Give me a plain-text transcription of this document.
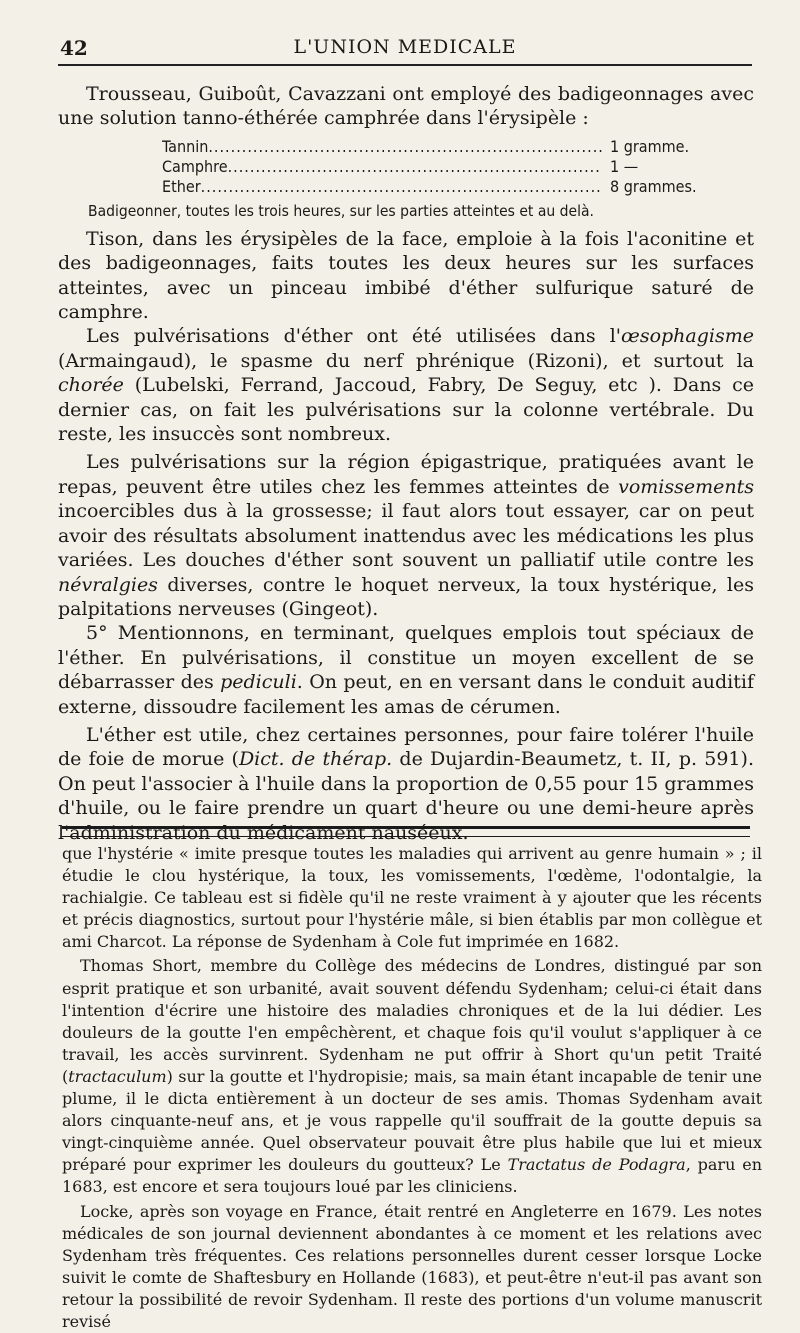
42	L'UNION MEDICALE

Trousseau, Guiboût, Cavazzani ont employé des badigeonnages avec une solution tanno-éthérée camphrée dans l'érysipèle :

Tannin .....	1 gramme.
Camphre .....	1 —
Ether .....	8 grammes.
Badigeonner, toutes les trois heures, sur les parties atteintes et au delà.

Tison, dans les érysipèles de la face, emploie à la fois l'aconitine et des badigeonnages, faits toutes les deux heures sur les surfaces atteintes, avec un pinceau imbibé d'éther sulfurique saturé de camphre.

Les pulvérisations d'éther ont été utilisées dans l'œsophagisme (Armaingaud), le spasme du nerf phrénique (Rizoni), et surtout la chorée (Lubelski, Ferrand, Jaccoud, Fabry, De Seguy, etc ). Dans ce dernier cas, on fait les pulvérisations sur la colonne vertébrale. Du reste, les insuccès sont nombreux.

Les pulvérisations sur la région épigastrique, pratiquées avant le repas, peuvent être utiles chez les femmes atteintes de vomissements incoercibles dus à la grossesse; il faut alors tout essayer, car on peut avoir des résultats absolument inattendus avec les médications les plus variées. Les douches d'éther sont souvent un palliatif utile contre les névralgies diverses, contre le hoquet nerveux, la toux hystérique, les palpitations nerveuses (Gingeot).

5° Mentionnons, en terminant, quelques emplois tout spéciaux de l'éther. En pulvérisations, il constitue un moyen excellent de se débarrasser des pediculi. On peut, en en versant dans le conduit auditif externe, dissoudre facilement les amas de cérumen.

L'éther est utile, chez certaines personnes, pour faire tolérer l'huile de foie de morue (Dict. de thérap. de Dujardin-Beaumetz, t. II, p. 591). On peut l'associer à l'huile dans la proportion de 0,55 pour 15 grammes d'huile, ou le faire prendre un quart d'heure ou une demi-heure après l'administration du médicament nauséeux.

que l'hystérie « imite presque toutes les maladies qui arrivent au genre humain » ; il étudie le clou hystérique, la toux, les vomissements, l'œdème, l'odontalgie, la rachialgie. Ce tableau est si fidèle qu'il ne reste vraiment à y ajouter que les récents et précis diagnostics, surtout pour l'hystérie mâle, si bien établis par mon collègue et ami Charcot. La réponse de Sydenham à Cole fut imprimée en 1682.

Thomas Short, membre du Collège des médecins de Londres, distingué par son esprit pratique et son urbanité, avait souvent défendu Sydenham; celui-ci était dans l'intention d'écrire une histoire des maladies chroniques et de la lui dédier. Les douleurs de la goutte l'en empêchèrent, et chaque fois qu'il voulut s'appliquer à ce travail, les accès survinrent. Sydenham ne put offrir à Short qu'un petit Traité (tractaculum) sur la goutte et l'hydropisie; mais, sa main étant incapable de tenir une plume, il le dicta entièrement à un docteur de ses amis. Thomas Sydenham avait alors cinquante-neuf ans, et je vous rappelle qu'il souffrait de la goutte depuis sa vingt-cinquième année. Quel observateur pouvait être plus habile que lui et mieux préparé pour exprimer les douleurs du goutteux? Le Tractatus de Podagra, paru en 1683, est encore et sera toujours loué par les cliniciens.

Locke, après son voyage en France, était rentré en Angleterre en 1679. Les notes médicales de son journal deviennent abondantes à ce moment et les relations avec Sydenham très fréquentes. Ces relations personnelles durent cesser lorsque Locke suivit le comte de Shaftesbury en Hollande (1683), et peut-être n'eut-il pas avant son retour la possibilité de revoir Sydenham. Il reste des portions d'un volume manuscrit revisé
